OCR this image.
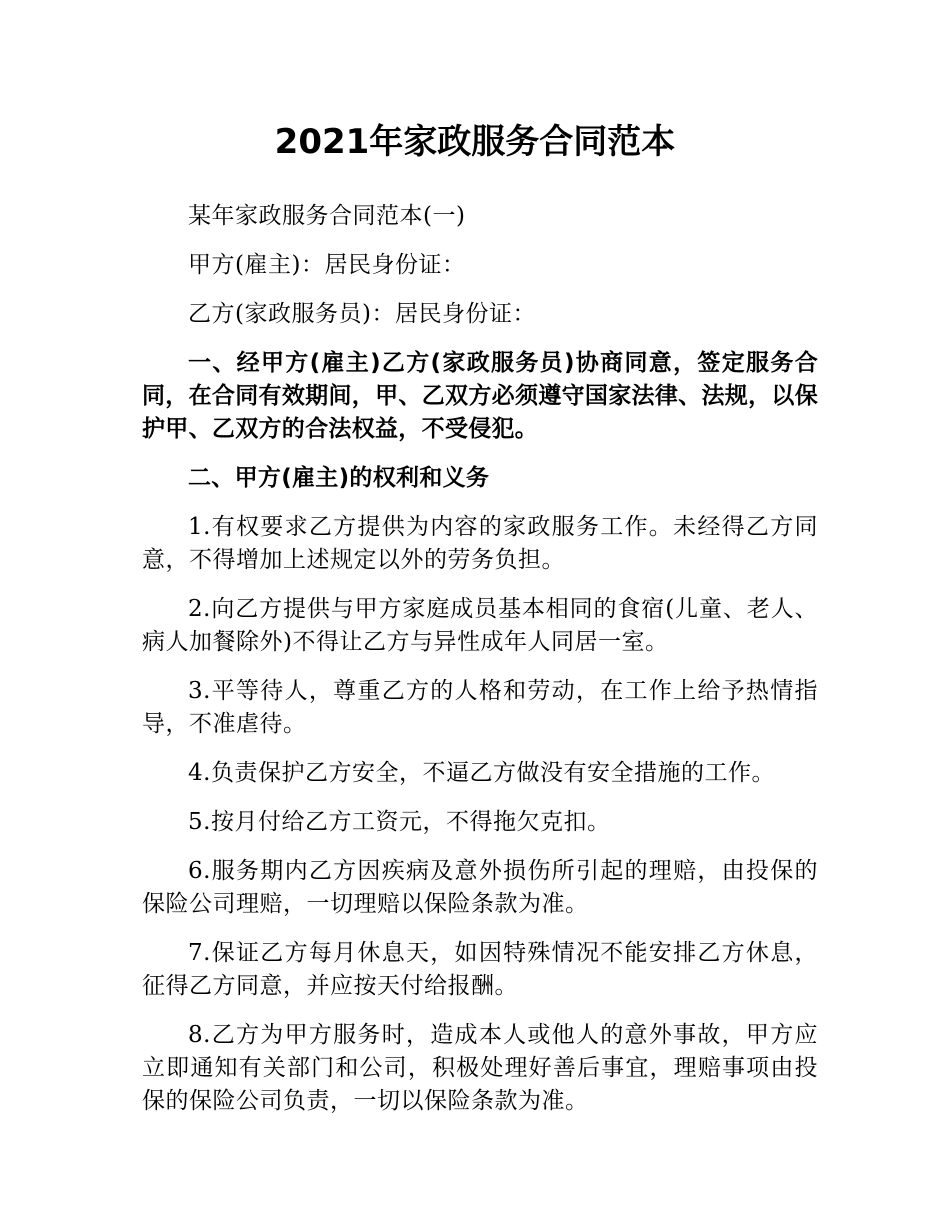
2021年家政服务合同范本

某年家政服务合同范本(一)

甲方(雇主)：居民身份证：

乙方(家政服务员)：居民身份证：

一、经甲方(雇主)乙方(家政服务员)协商同意，签定服务合同，在合同有效期间，甲、乙双方必须遵守国家法律、法规，以保护甲、乙双方的合法权益，不受侵犯。

二、甲方(雇主)的权利和义务

1.有权要求乙方提供为内容的家政服务工作。未经得乙方同意，不得增加上述规定以外的劳务负担。

2.向乙方提供与甲方家庭成员基本相同的食宿(儿童、老人、病人加餐除外)不得让乙方与异性成年人同居一室。

3.平等待人，尊重乙方的人格和劳动，在工作上给予热情指导，不准虐待。

4.负责保护乙方安全，不逼乙方做没有安全措施的工作。

5.按月付给乙方工资元，不得拖欠克扣。

6.服务期内乙方因疾病及意外损伤所引起的理赔，由投保的保险公司理赔，一切理赔以保险条款为准。

7.保证乙方每月休息天，如因特殊情况不能安排乙方休息，征得乙方同意，并应按天付给报酬。

8.乙方为甲方服务时，造成本人或他人的意外事故，甲方应立即通知有关部门和公司，积极处理好善后事宜，理赔事项由投保的保险公司负责，一切以保险条款为准。
